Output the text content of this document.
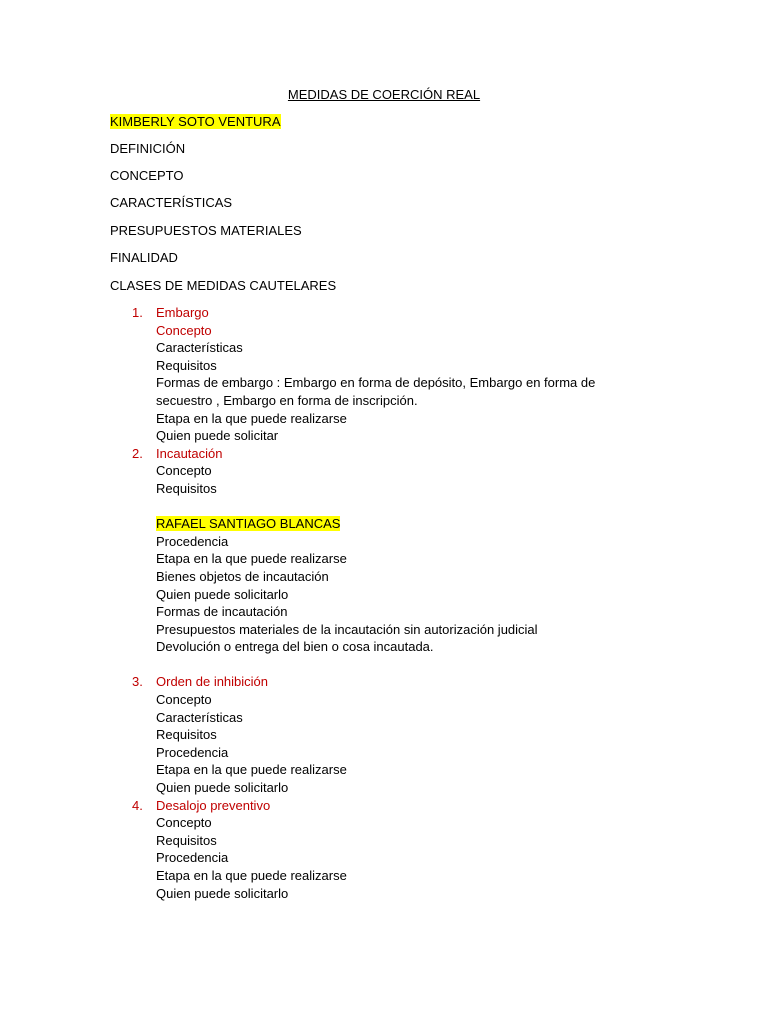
MEDIDAS DE COERCIÓN REAL
KIMBERLY SOTO VENTURA
DEFINICIÓN
CONCEPTO
CARACTERÍSTICAS
PRESUPUESTOS MATERIALES
FINALIDAD
CLASES DE MEDIDAS CAUTELARES
1. Embargo
Concepto
Características
Requisitos
Formas de embargo : Embargo en forma de depósito, Embargo en forma de secuestro , Embargo en forma de inscripción.
Etapa en la que puede realizarse
Quien puede solicitar
2. Incautación
Concepto
Requisitos
RAFAEL SANTIAGO BLANCAS
Procedencia
Etapa en la que puede realizarse
Bienes objetos de incautación
Quien puede solicitarlo
Formas de incautación
Presupuestos materiales de la incautación sin autorización judicial
Devolución o entrega del bien o cosa incautada.
3. Orden de inhibición
Concepto
Características
Requisitos
Procedencia
Etapa en la que puede realizarse
Quien puede solicitarlo
4. Desalojo preventivo
Concepto
Requisitos
Procedencia
Etapa en la que puede realizarse
Quien puede solicitarlo
